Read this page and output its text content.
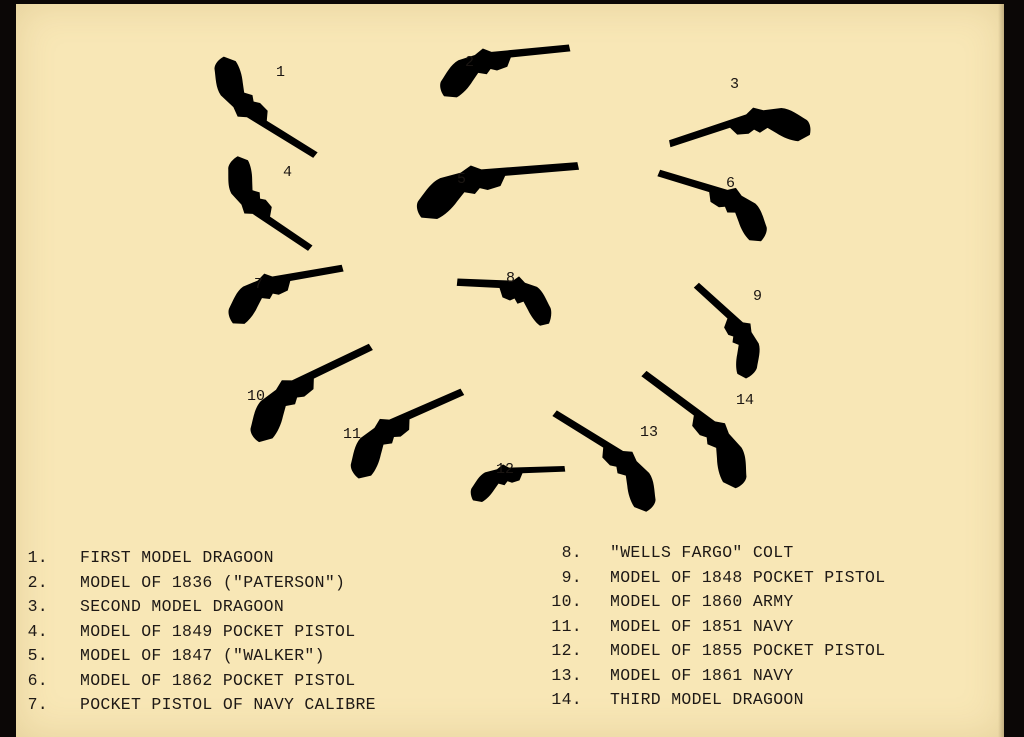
1
2
3
4	5	6
7	8
9
10
11
12
13
14
1. FIRST MODEL DRAGOON
2. MODEL OF 1836 ("PATERSON")
3. SECOND MODEL DRAGOON
4. MODEL OF 1849 POCKET PISTOL
5. MODEL OF 1847 ("WALKER")
6. MODEL OF 1862 POCKET PISTOL
7. POCKET PISTOL OF NAVY CALIBRE
8. "WELLS FARGO" COLT
9. MODEL OF 1848 POCKET PISTOL
10. MODEL OF 1860 ARMY
11. MODEL OF 1851 NAVY
12. MODEL OF 1855 POCKET PISTOL
13. MODEL OF 1861 NAVY
14. THIRD MODEL DRAGOON
